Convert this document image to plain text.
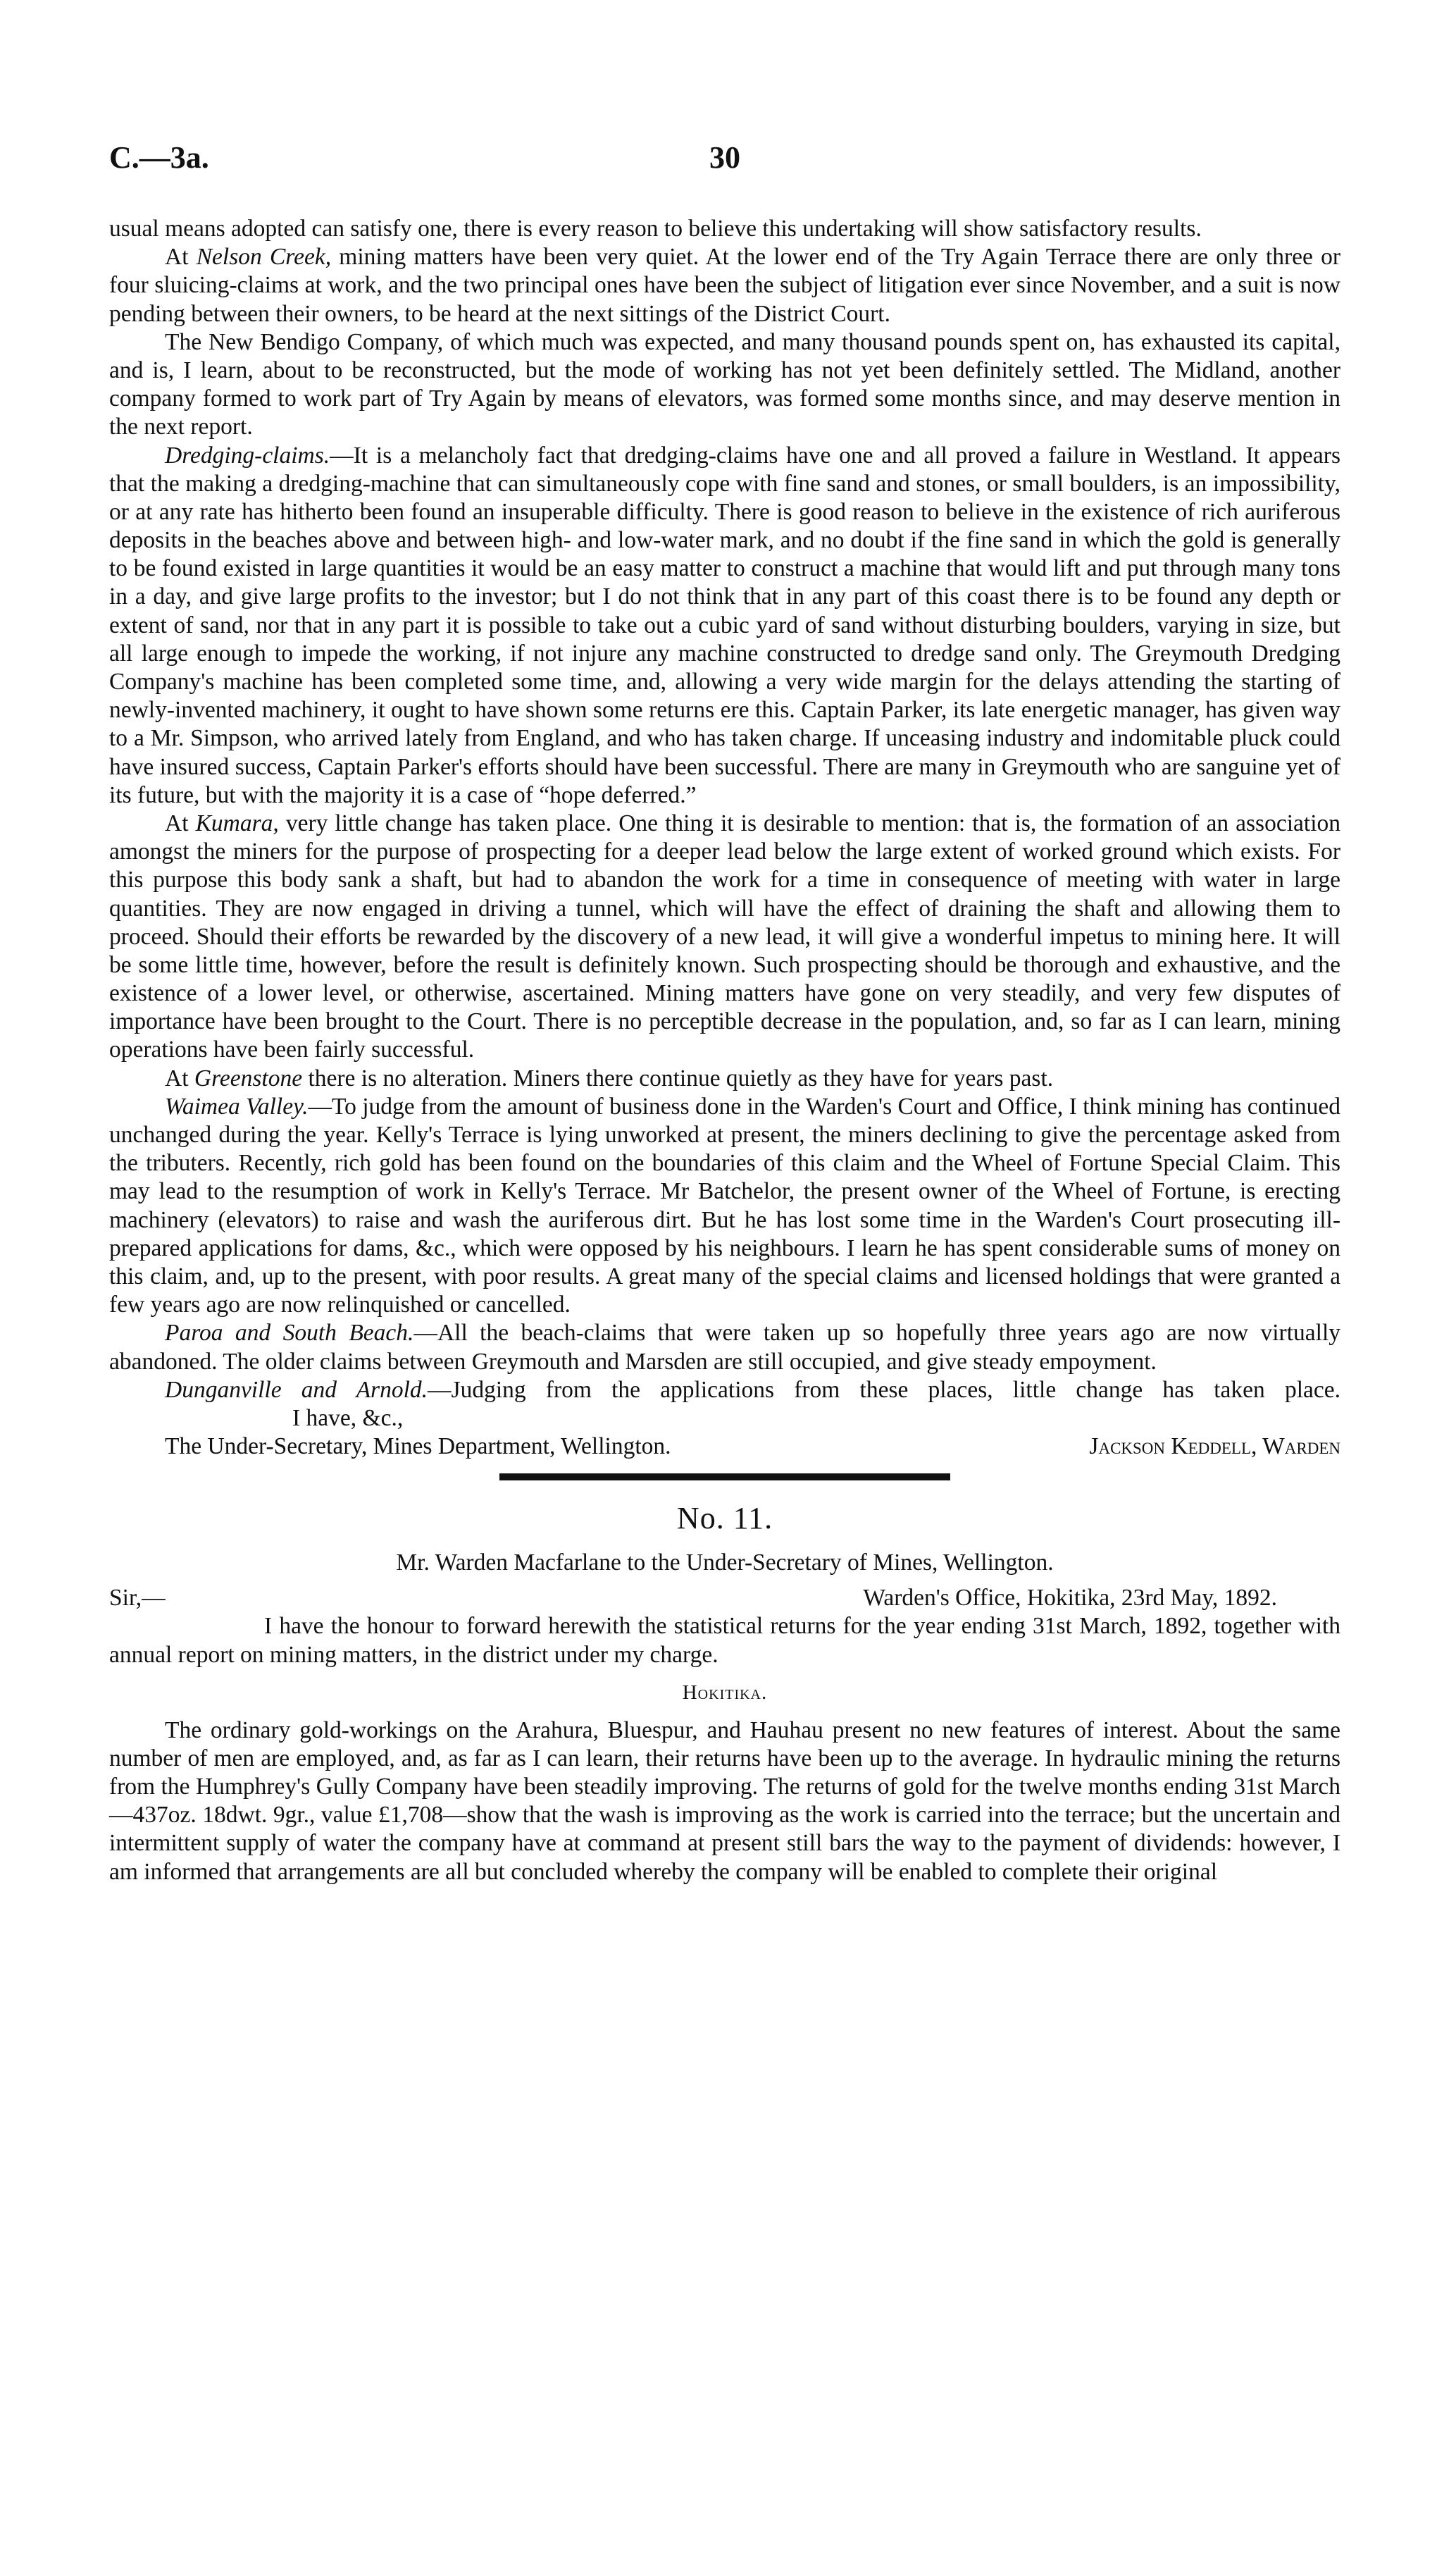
C.—3a.	30

usual means adopted can satisfy one, there is every reason to believe this undertaking will show satisfactory results.

At Nelson Creek, mining matters have been very quiet. At the lower end of the Try Again Terrace there are only three or four sluicing-claims at work, and the two principal ones have been the subject of litigation ever since November, and a suit is now pending between their owners, to be heard at the next sittings of the District Court.

The New Bendigo Company, of which much was expected, and many thousand pounds spent on, has exhausted its capital, and is, I learn, about to be reconstructed, but the mode of working has not yet been definitely settled. The Midland, another company formed to work part of Try Again by means of elevators, was formed some months since, and may deserve mention in the next report.

Dredging-claims.—It is a melancholy fact that dredging-claims have one and all proved a failure in Westland. It appears that the making a dredging-machine that can simultaneously cope with fine sand and stones, or small boulders, is an impossibility, or at any rate has hitherto been found an insuperable difficulty. There is good reason to believe in the existence of rich auriferous deposits in the beaches above and between high- and low-water mark, and no doubt if the fine sand in which the gold is generally to be found existed in large quantities it would be an easy matter to construct a machine that would lift and put through many tons in a day, and give large profits to the investor; but I do not think that in any part of this coast there is to be found any depth or extent of sand, nor that in any part it is possible to take out a cubic yard of sand without disturbing boulders, varying in size, but all large enough to impede the working, if not injure any machine constructed to dredge sand only. The Greymouth Dredging Company's machine has been completed some time, and, allowing a very wide margin for the delays attending the starting of newly-invented machinery, it ought to have shown some returns ere this. Captain Parker, its late energetic manager, has given way to a Mr. Simpson, who arrived lately from England, and who has taken charge. If unceasing industry and indomitable pluck could have insured success, Captain Parker's efforts should have been successful. There are many in Greymouth who are sanguine yet of its future, but with the majority it is a case of “hope deferred.”

At Kumara, very little change has taken place. One thing it is desirable to mention: that is, the formation of an association amongst the miners for the purpose of prospecting for a deeper lead below the large extent of worked ground which exists. For this purpose this body sank a shaft, but had to abandon the work for a time in consequence of meeting with water in large quantities. They are now engaged in driving a tunnel, which will have the effect of draining the shaft and allowing them to proceed. Should their efforts be rewarded by the discovery of a new lead, it will give a wonderful impetus to mining here. It will be some little time, however, before the result is definitely known. Such prospecting should be thorough and exhaustive, and the existence of a lower level, or otherwise, ascertained. Mining matters have gone on very steadily, and very few disputes of importance have been brought to the Court. There is no perceptible decrease in the population, and, so far as I can learn, mining operations have been fairly successful.

At Greenstone there is no alteration. Miners there continue quietly as they have for years past.

Waimea Valley.—To judge from the amount of business done in the Warden's Court and Office, I think mining has continued unchanged during the year. Kelly's Terrace is lying unworked at present, the miners declining to give the percentage asked from the tributers. Recently, rich gold has been found on the boundaries of this claim and the Wheel of Fortune Special Claim. This may lead to the resumption of work in Kelly's Terrace. Mr Batchelor, the present owner of the Wheel of Fortune, is erecting machinery (elevators) to raise and wash the auriferous dirt. But he has lost some time in the Warden's Court prosecuting ill-prepared applications for dams, &c., which were opposed by his neighbours. I learn he has spent considerable sums of money on this claim, and, up to the present, with poor results. A great many of the special claims and licensed holdings that were granted a few years ago are now relinquished or cancelled.

Paroa and South Beach.—All the beach-claims that were taken up so hopefully three years ago are now virtually abandoned. The older claims between Greymouth and Marsden are still occupied, and give steady empoyment.

Dunganville and Arnold.—Judging from the applications from these places, little change has taken place.I have, &c.,

The Under-Secretary, Mines Department, Wellington.	Jackson Keddell, Warden
No. 11.
Mr. Warden Macfarlane to the Under-Secretary of Mines, Wellington.
Sir,—	Warden's Office, Hokitika, 23rd May, 1892.

I have the honour to forward herewith the statistical returns for the year ending 31st March, 1892, together with annual report on mining matters, in the district under my charge.

Hokitika.

The ordinary gold-workings on the Arahura, Bluespur, and Hauhau present no new features of interest. About the same number of men are employed, and, as far as I can learn, their returns have been up to the average. In hydraulic mining the returns from the Humphrey's Gully Company have been steadily improving. The returns of gold for the twelve months ending 31st March—437oz. 18dwt. 9gr., value £1,708—show that the wash is improving as the work is carried into the terrace; but the uncertain and intermittent supply of water the company have at command at present still bars the way to the payment of dividends: however, I am informed that arrangements are all but concluded whereby the company will be enabled to complete their original
